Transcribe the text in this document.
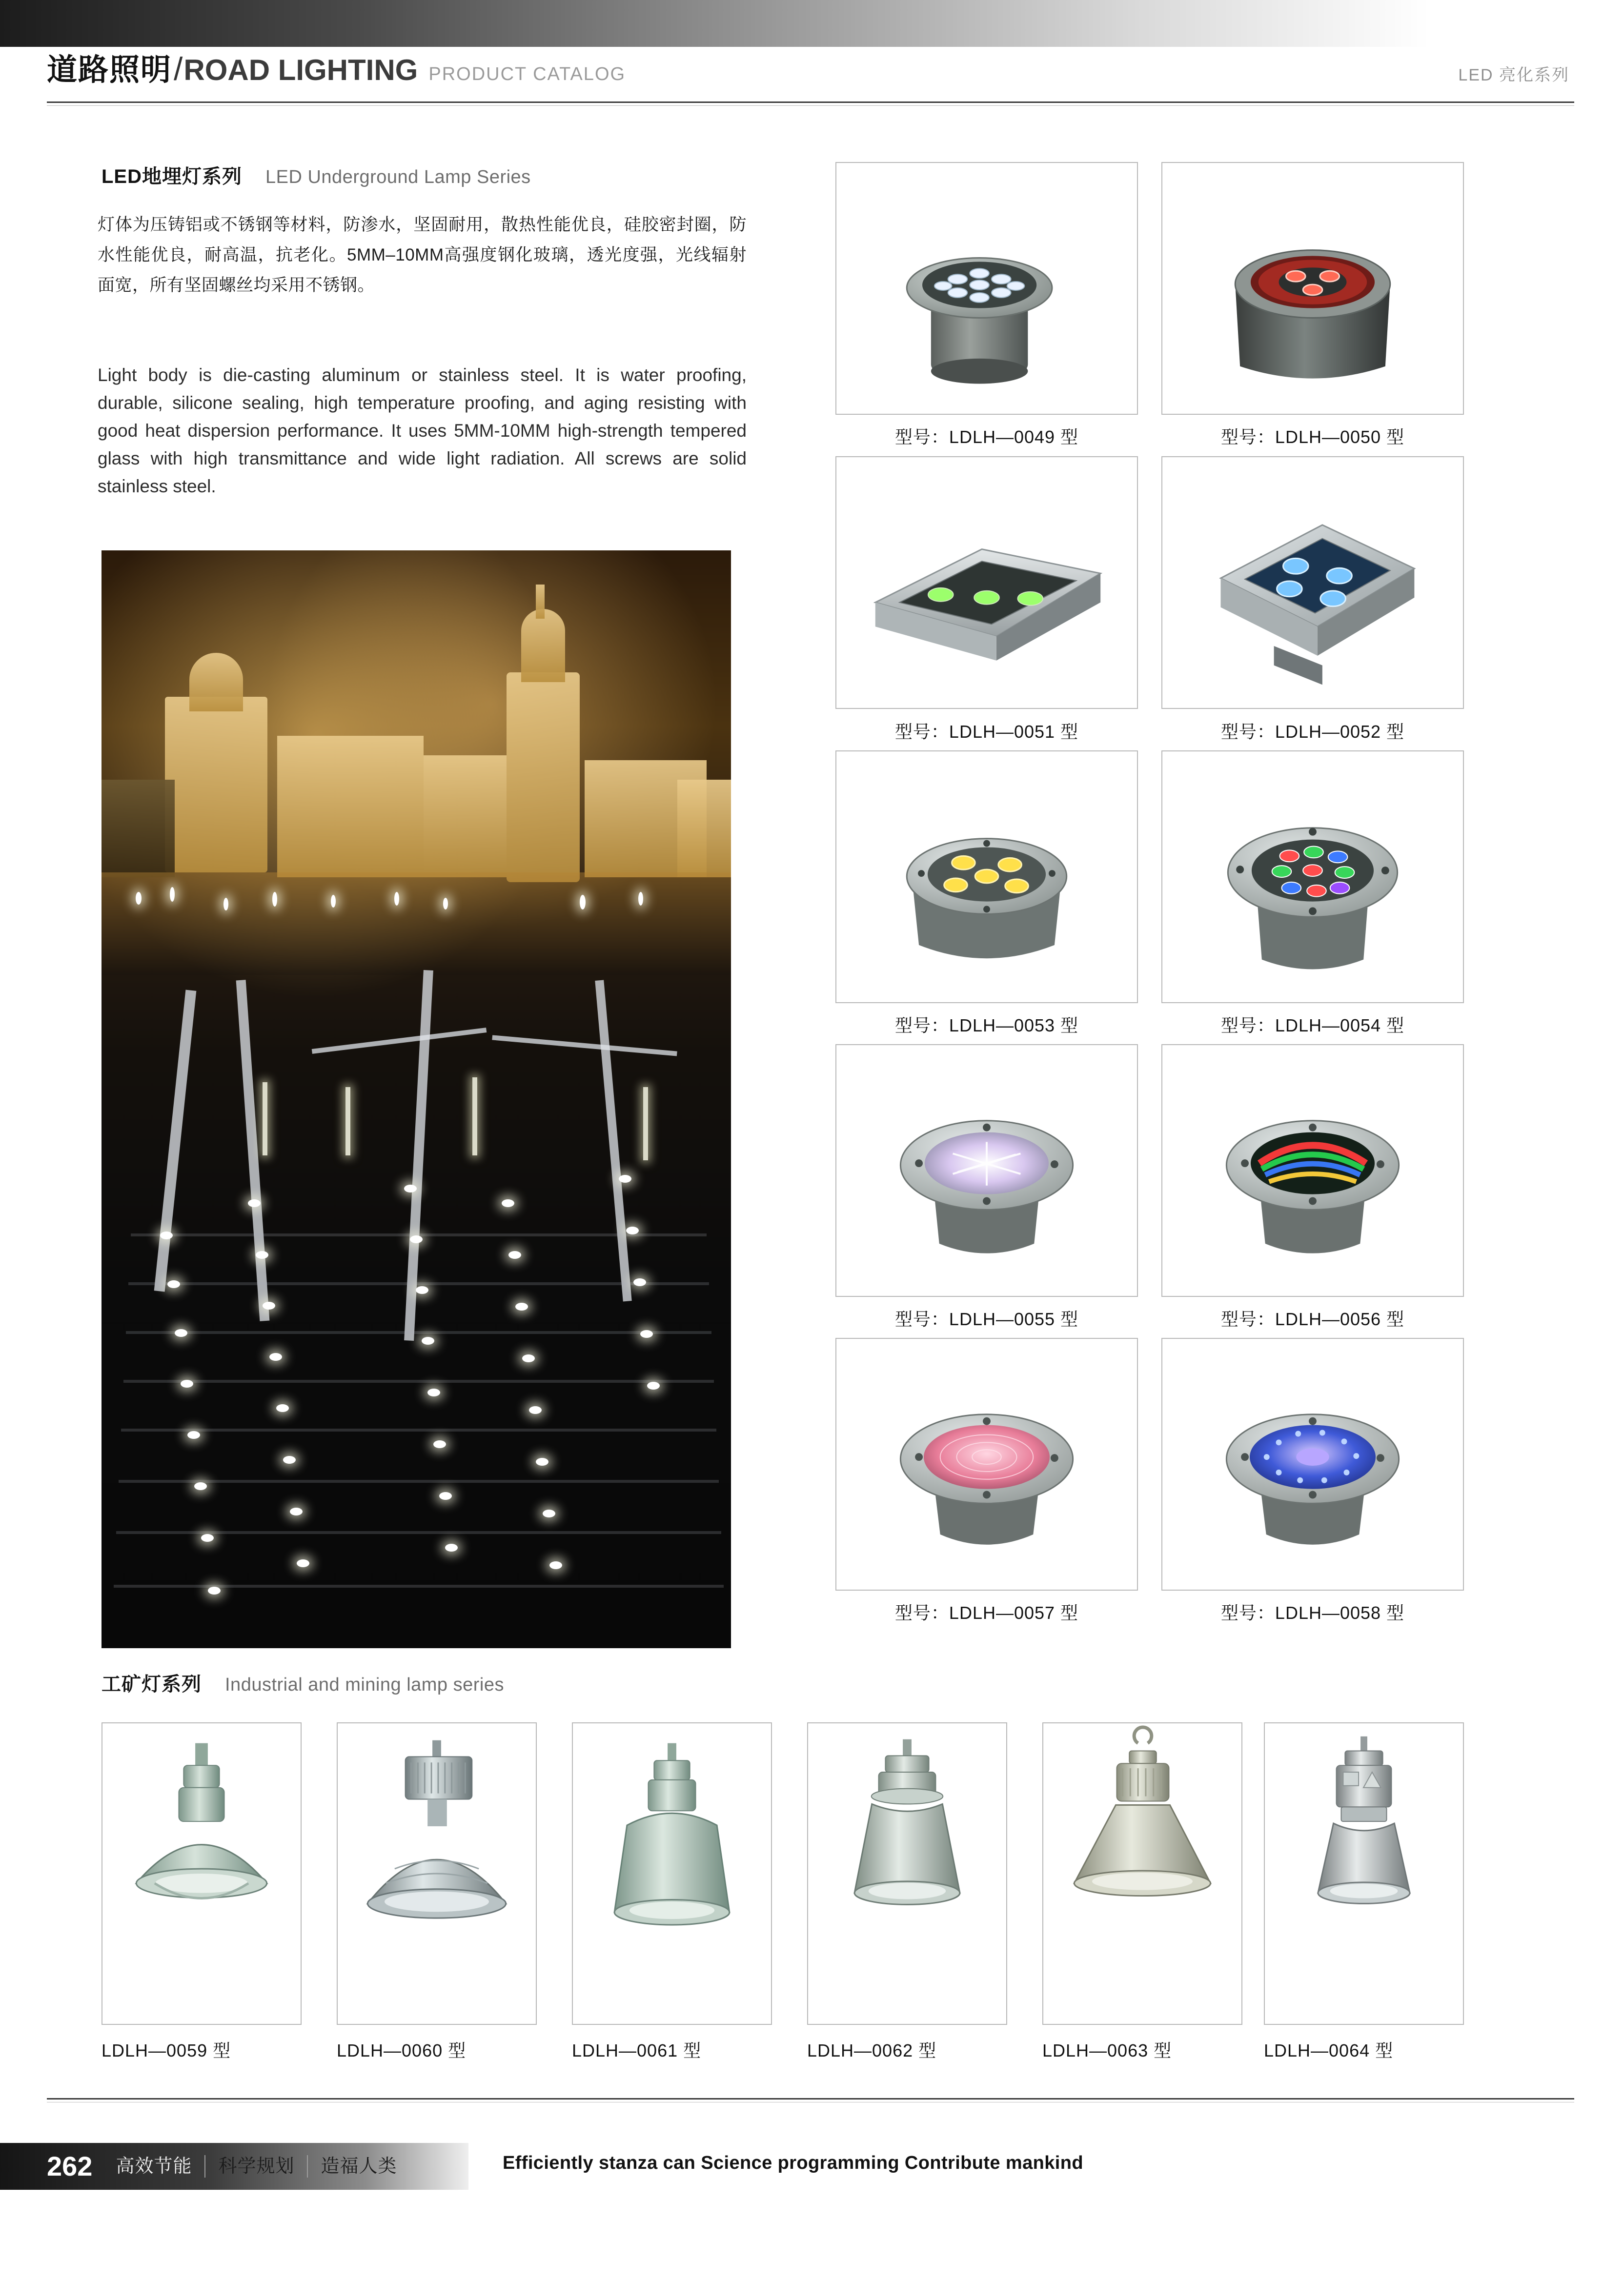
道路照明 / ROAD LIGHTING PRODUCT CATALOG	LED 亮化系列
LED地埋灯系列 LED Underground Lamp Series
灯体为压铸铝或不锈钢等材料，防渗水，坚固耐用，散热性能优良，硅胶密封圈，防水性能优良，耐高温，抗老化。5MM–10MM高强度钢化玻璃，透光度强，光线辐射面宽，所有坚固螺丝均采用不锈钢。
Light body is die-casting aluminum or stainless steel. It is water proofing, durable, silicone sealing, high temperature proofing, and aging resisting with good heat dispersion performance. It uses 5MM-10MM high-strength tempered glass with high transmittance and wide light radiation. All screws are solid stainless steel.
型号：LDLH—0049 型	型号：LDLH—0050 型
型号：LDLH—0051 型	型号：LDLH—0052 型
型号：LDLH—0053 型	型号：LDLH—0054 型
型号：LDLH—0055 型	型号：LDLH—0056 型
型号：LDLH—0057 型	型号：LDLH—0058 型
工矿灯系列 Industrial and mining lamp series
LDLH—0059 型	LDLH—0060 型	LDLH—0061 型	LDLH—0062 型	LDLH—0063 型	LDLH—0064 型
262	高效节能	科学规划	造福人类	Efficiently stanza can Science programming Contribute mankind
